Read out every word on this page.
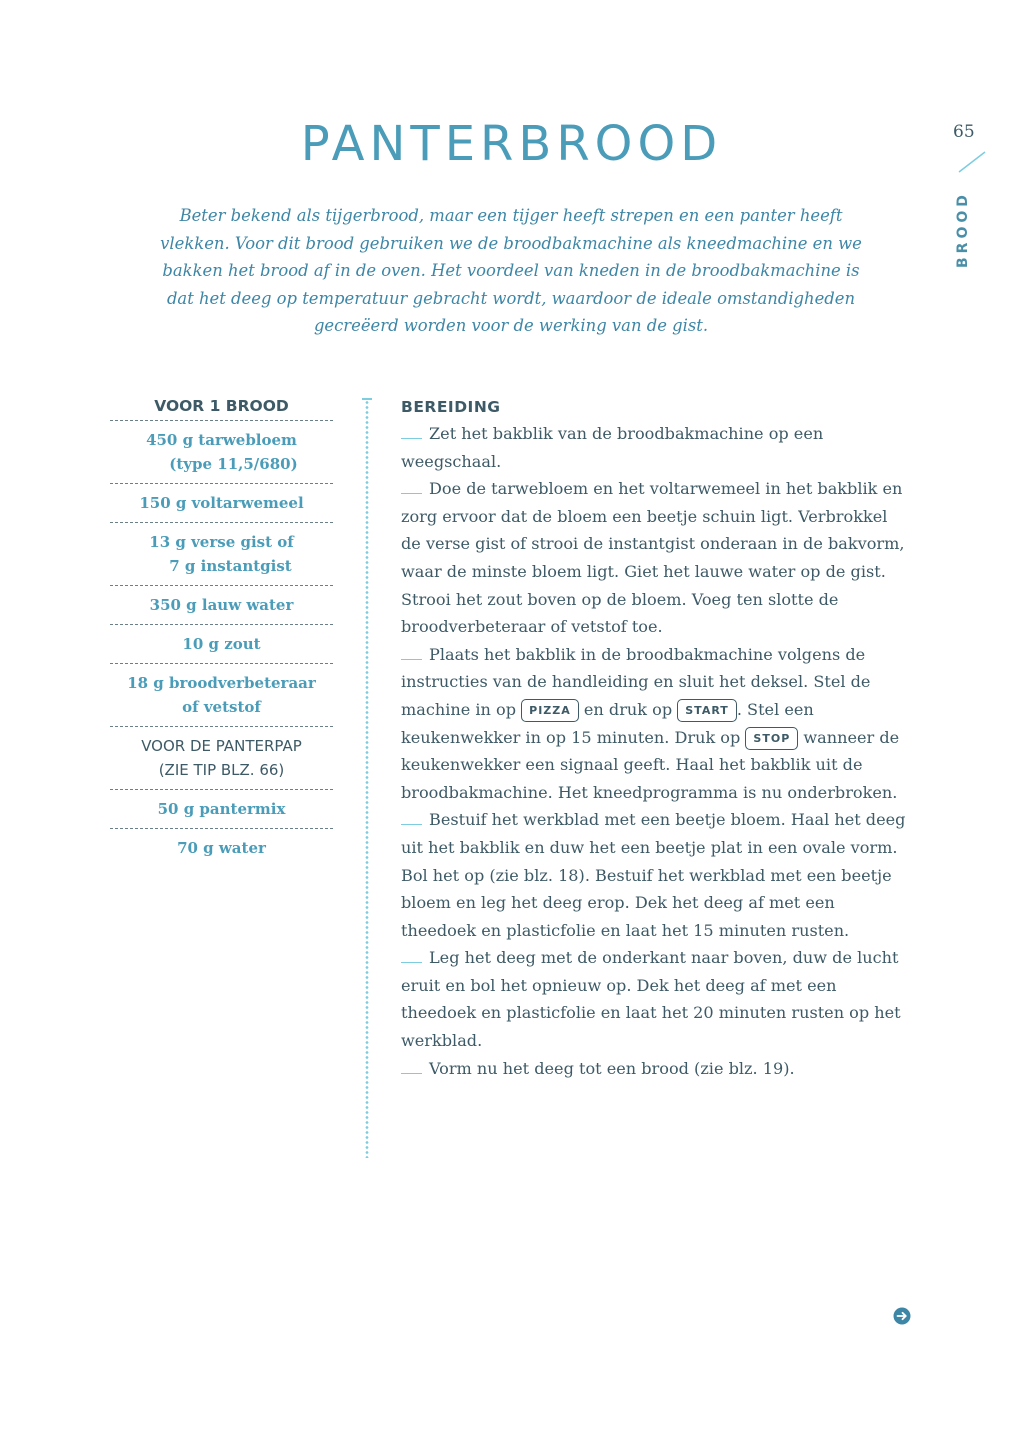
65
BROOD
PANTERBROOD

Beter bekend als tijgerbrood, maar een tijger heeft strepen en een panter heeft vlekken. Voor dit brood gebruiken we de broodbakmachine als kneedmachine en we bakken het brood af in de oven. Het voordeel van kneden in de broodbakmachine is dat het deeg op temperatuur gebracht wordt, waardoor de ideale omstandigheden gecreëerd worden voor de werking van de gist.

VOOR 1 BROOD
450 g tarwebloem
(type 11,5/680)
150 g voltarwemeel
13 g verse gist of
7 g instantgist
350 g lauw water
10 g zout
18 g broodverbeteraar
of vetstof
VOOR DE PANTERPAP
(ZIE TIP BLZ. 66)
50 g pantermix
70 g water
BEREIDING

Zet het bakblik van de broodbakmachine op een weegschaal.

Doe de tarwebloem en het voltarwemeel in het bakblik en zorg ervoor dat de bloem een beetje schuin ligt. Verbrokkel de verse gist of strooi de instantgist onderaan in de bakvorm, waar de minste bloem ligt. Giet het lauwe water op de gist. Strooi het zout boven op de bloem. Voeg ten slotte de broodverbeteraar of vetstof toe.

Plaats het bakblik in de broodbakmachine volgens de instructies van de handleiding en sluit het deksel. Stel de machine in op PIZZA en druk op START . Stel een keukenwekker in op 15 minuten. Druk op STOP wanneer de keukenwekker een signaal geeft. Haal het bakblik uit de broodbakmachine. Het kneedprogramma is nu onderbroken.

Bestuif het werkblad met een beetje bloem. Haal het deeg uit het bakblik en duw het een beetje plat in een ovale vorm. Bol het op (zie blz. 18). Bestuif het werkblad met een beetje bloem en leg het deeg erop. Dek het deeg af met een theedoek en plasticfolie en laat het 15 minuten rusten.

Leg het deeg met de onderkant naar boven, duw de lucht eruit en bol het opnieuw op. Dek het deeg af met een theedoek en plasticfolie en laat het 20 minuten rusten op het werkblad.

Vorm nu het deeg tot een brood (zie blz. 19).
